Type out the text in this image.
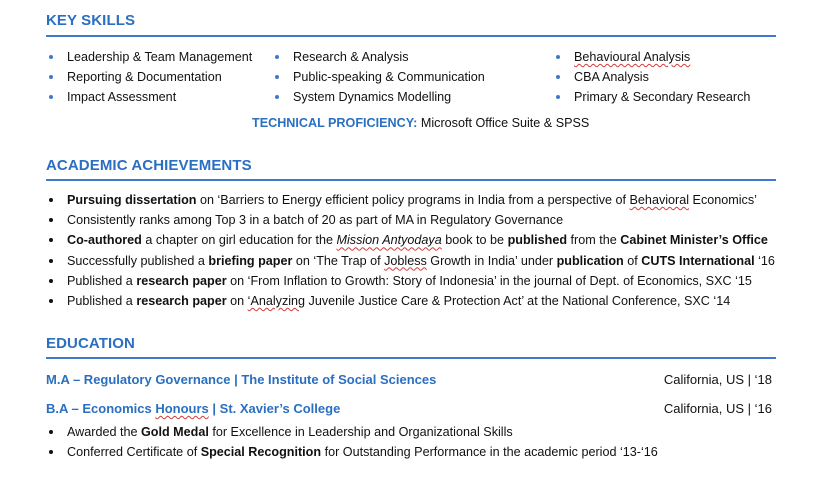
KEY SKILLS
Leadership & Team Management
Reporting & Documentation
Impact Assessment
Research & Analysis
Public-speaking & Communication
System Dynamics Modelling
Behavioural Analysis
CBA Analysis
Primary & Secondary Research
TECHNICAL PROFICIENCY: Microsoft Office Suite & SPSS
ACADEMIC ACHIEVEMENTS
Pursuing dissertation on ‘Barriers to Energy efficient policy programs in India from a perspective of Behavioral Economics’
Consistently ranks among Top 3 in a batch of 20 as part of MA in Regulatory Governance
Co-authored a chapter on girl education for the Mission Antyodaya book to be published from the Cabinet Minister’s Office
Successfully published a briefing paper on ‘The Trap of Jobless Growth in India’ under publication of CUTS International ‘16
Published a research paper on ‘From Inflation to Growth: Story of Indonesia’ in the journal of Dept. of Economics, SXC ‘15
Published a research paper on ‘Analyzing Juvenile Justice Care & Protection Act’ at the National Conference, SXC ‘14
EDUCATION
M.A – Regulatory Governance | The Institute of Social Sciences	California, US | ‘18
B.A – Economics Honours | St. Xavier’s College	California, US | ‘16
Awarded the Gold Medal for Excellence in Leadership and Organizational Skills
Conferred Certificate of Special Recognition for Outstanding Performance in the academic period ‘13-‘16
